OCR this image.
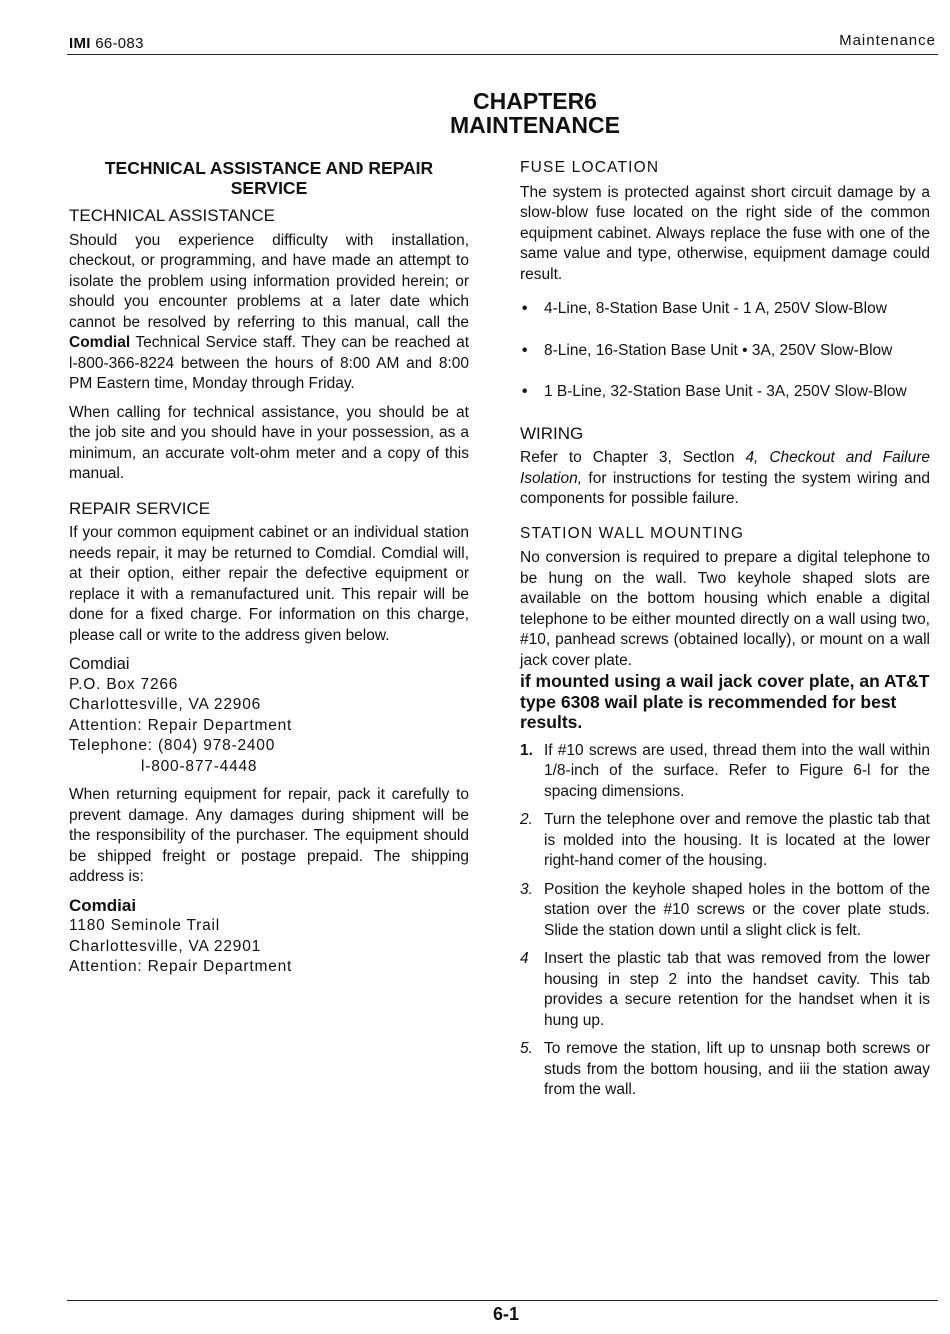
IMI 66-083	Maintenance
CHAPTER6
MAINTENANCE
TECHNICAL ASSISTANCE AND REPAIR SERVICE
TECHNICAL ASSISTANCE

Should you experience difficulty with installation, checkout, or programming, and have made an attempt to isolate the problem using information provided herein; or should you encounter problems at a later date which cannot be resolved by referring to this manual, call the Comdial Technical Service staff. They can be reached at l-800-366-8224 between the hours of 8:00 AM and 8:00 PM Eastern time, Monday through Friday.

When calling for technical assistance, you should be at the job site and you should have in your possession, as a minimum, an accurate volt-ohm meter and a copy of this manual.

REPAIR SERVICE

If your common equipment cabinet or an individual station needs repair, it may be returned to Comdial. Comdial will, at their option, either repair the defective equipment or replace it with a remanufactured unit. This repair will be done for a fixed charge. For information on this charge, please call or write to the address given below.

Comdiai
P.O. Box 7266
Charlottesville, VA 22906
Attention: Repair Department
Telephone: (804) 978-2400
l-800-877-4448

When returning equipment for repair, pack it carefully to prevent damage. Any damages during shipment will be the responsibility of the purchaser. The equipment should be shipped freight or postage prepaid. The shipping address is:

Comdiai
1180 Seminole Trail
Charlottesville, VA 22901
Attention: Repair Department
FUSE LOCATION

The system is protected against short circuit damage by a slow-blow fuse located on the right side of the common equipment cabinet. Always replace the fuse with one of the same value and type, otherwise, equipment damage could result.

• 4-Line, 8-Station Base Unit - 1 A, 250V Slow-Blow
• 8-Line, 16-Station Base Unit • 3A, 250V Slow-Blow
• 1 B-Line, 32-Station Base Unit - 3A, 250V Slow-Blow
WIRING

Refer to Chapter 3, Sectlon 4, Checkout and Failure Isolation, for instructions for testing the system wiring and components for possible failure.

STATION WALL MOUNTING

No conversion is required to prepare a digital telephone to be hung on the wall. Two keyhole shaped slots are available on the bottom housing which enable a digital telephone to be either mounted directly on a wall using two, #10, panhead screws (obtained locally), or mount on a wall jack cover plate.

if mounted using a wail jack cover plate, an AT&T type 6308 wail plate is recommended for best results.
1. If #10 screws are used, thread them into the wall within 1/8-inch of the surface. Refer to Figure 6-l for the spacing dimensions.
2. Turn the telephone over and remove the plastic tab that is molded into the housing. It is located at the lower right-hand comer of the housing.
3. Position the keyhole shaped holes in the bottom of the station over the #10 screws or the cover plate studs. Slide the station down until a slight click is felt.
4 Insert the plastic tab that was removed from the lower housing in step 2 into the handset cavity. This tab provides a secure retention for the handset when it is hung up.
5. To remove the station, lift up to unsnap both screws or studs from the bottom housing, and iii the station away from the wall.
6-1
